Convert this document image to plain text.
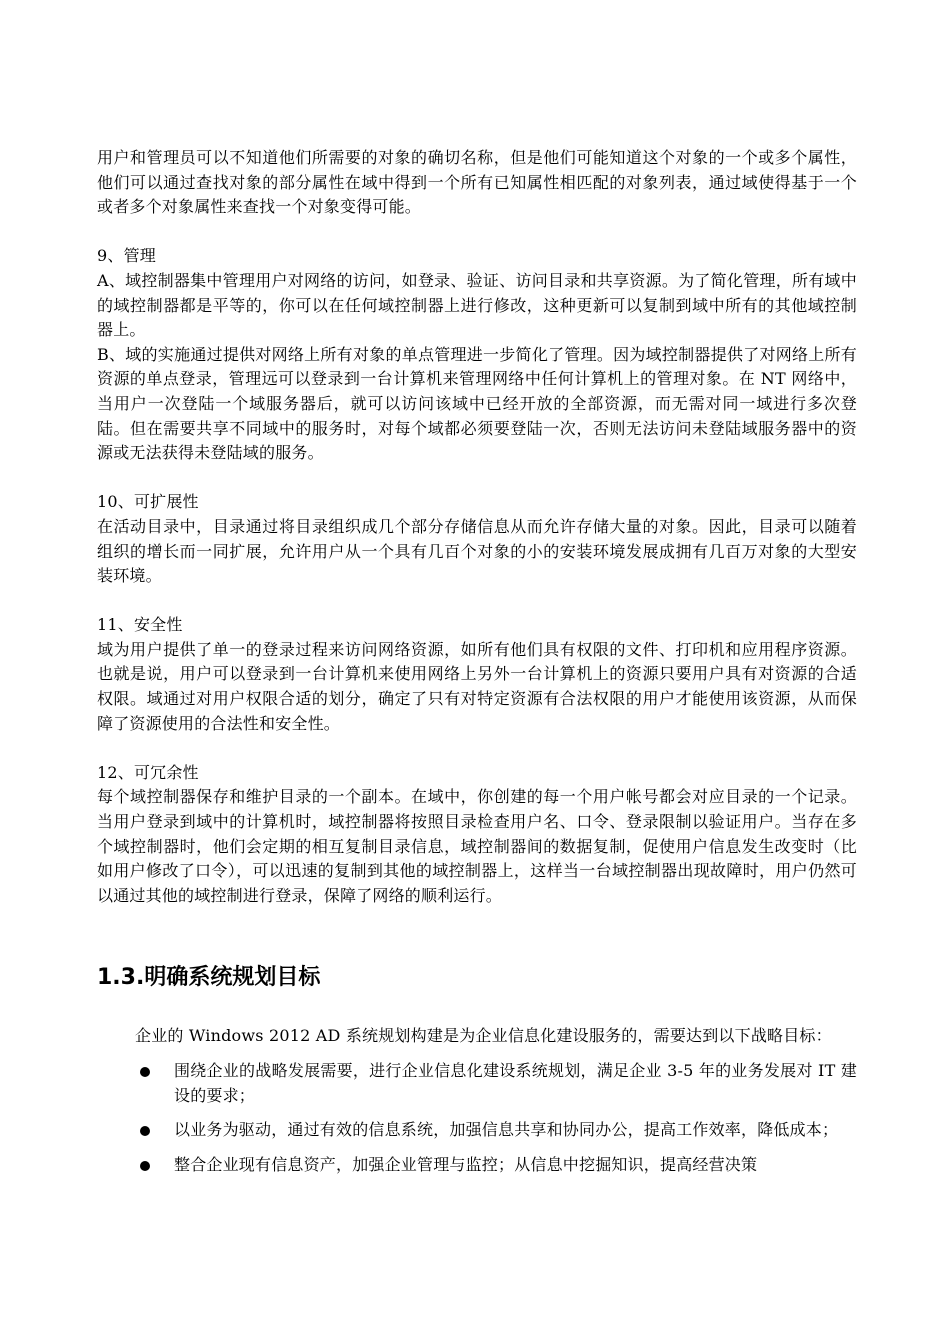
用户和管理员可以不知道他们所需要的对象的确切名称，但是他们可能知道这个对象的一个或多个属性，他们可以通过查找对象的部分属性在域中得到一个所有已知属性相匹配的对象列表，通过域使得基于一个或者多个对象属性来查找一个对象变得可能。

9、管理

A、域控制器集中管理用户对网络的访问，如登录、验证、访问目录和共享资源。为了简化管理，所有域中的域控制器都是平等的，你可以在任何域控制器上进行修改，这种更新可以复制到域中所有的其他域控制器上。

B、域的实施通过提供对网络上所有对象的单点管理进一步简化了管理。因为域控制器提供了对网络上所有资源的单点登录，管理远可以登录到一台计算机来管理网络中任何计算机上的管理对象。在 NT 网络中，当用户一次登陆一个域服务器后，就可以访问该域中已经开放的全部资源，而无需对同一域进行多次登陆。但在需要共享不同域中的服务时，对每个域都必须要登陆一次，否则无法访问未登陆域服务器中的资源或无法获得未登陆域的服务。

10、可扩展性

在活动目录中，目录通过将目录组织成几个部分存储信息从而允许存储大量的对象。因此，目录可以随着组织的增长而一同扩展，允许用户从一个具有几百个对象的小的安装环境发展成拥有几百万对象的大型安装环境。

11、安全性

域为用户提供了单一的登录过程来访问网络资源，如所有他们具有权限的文件、打印机和应用程序资源。也就是说，用户可以登录到一台计算机来使用网络上另外一台计算机上的资源只要用户具有对资源的合适权限。域通过对用户权限合适的划分，确定了只有对特定资源有合法权限的用户才能使用该资源，从而保障了资源使用的合法性和安全性。

12、可冗余性

每个域控制器保存和维护目录的一个副本。在域中，你创建的每一个用户帐号都会对应目录的一个记录。当用户登录到域中的计算机时，域控制器将按照目录检查用户名、口令、登录限制以验证用户。当存在多个域控制器时，他们会定期的相互复制目录信息，域控制器间的数据复制，促使用户信息发生改变时（比如用户修改了口令），可以迅速的复制到其他的域控制器上，这样当一台域控制器出现故障时，用户仍然可以通过其他的域控制进行登录，保障了网络的顺利运行。

1.3.明确系统规划目标

企业的 Windows 2012 AD 系统规划构建是为企业信息化建设服务的，需要达到以下战略目标：

围绕企业的战略发展需要，进行企业信息化建设系统规划，满足企业 3-5 年的业务发展对 IT 建设的要求；

以业务为驱动，通过有效的信息系统，加强信息共享和协同办公，提高工作效率，降低成本；

整合企业现有信息资产，加强企业管理与监控；从信息中挖掘知识，提高经营决策
